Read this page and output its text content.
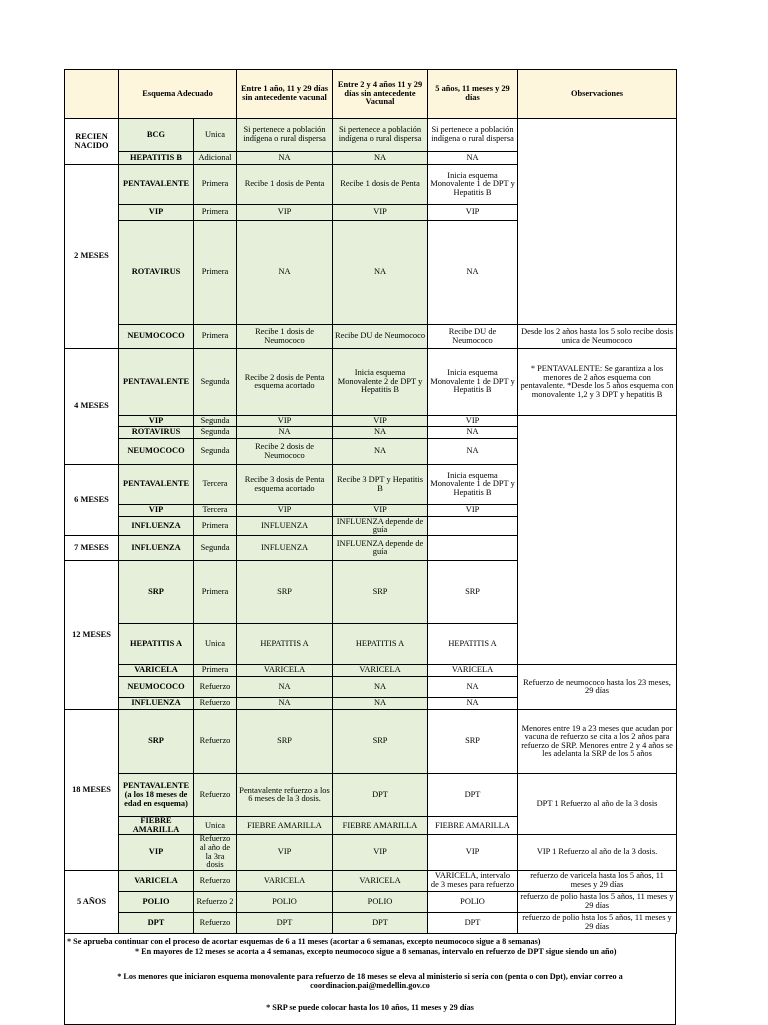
	Esquema Adecuado		Entre 1 año, 11 y 29 días sin antecedente vacunal	Entre 2 y 4 años 11 y 29 días sin antecedente Vacunal	5 años, 11 meses y 29 días	Observaciones	
RECIEN NACIDO	BCG	Unica	Si pertenece a población indígena o rural dispersa	Si pertenece a población indígena o rural dispersa	Si pertenece a población indígena o rural dispersa		
	HEPATITIS B	Adicional	NA	NA	NA		
2 MESES	PENTAVALENTE	Primera	Recibe 1 dosis de Penta	Recibe 1 dosis de Penta	Inicia esquema Monovalente 1 de DPT y Hepatitis B		
	VIP	Primera	VIP	VIP	VIP		
	ROTAVIRUS	Primera	NA	NA	NA	
	NEUMOCOCO	Primera	Recibe 1 dosis de Neumococo	Recibe DU de Neumococo	Recibe DU de Neumococo	Desde los 2 años hasta los 5 solo recibe dosis unica de Neumococo	
4 MESES	PENTAVALENTE	Segunda	Recibe 2 dosis de Penta esquema acortado	Inicia esquema Monovalente 2 de DPT y Hepatitis B	Inicia esquema Monovalente 1 de DPT y Hepatitis B	* PENTAVALENTE: Se garantiza a los menores de 2 años esquema con pentavalente. *Desde los 5 años esquema con monovalente 1,2 y 3 DPT y hepatitis B	
	VIP	Segunda	VIP	VIP	VIP		
	ROTAVIRUS	Segunda	NA	NA	NA		
	NEUMOCOCO	Segunda	Recibe 2 dosis de Neumococo	NA	NA		
6 MESES	PENTAVALENTE	Tercera	Recibe 3 dosis de Penta esquema acortado	Recibe 3 DPT y Hepatitis B	Inicia esquema Monovalente 1 de DPT y Hepatitis B		
	VIP	Tercera	VIP	VIP	VIP		
	INFLUENZA	Primera	INFLUENZA	INFLUENZA depende de guía			
7 MESES	INFLUENZA	Segunda	INFLUENZA	INFLUENZA depende de guía			
12 MESES	SRP	Primera	SRP	SRP	SRP	
	HEPATITIS A	Unica	HEPATITIS A	HEPATITIS A	HEPATITIS A		
	VARICELA	Primera	VARICELA	VARICELA	VARICELA	Refuerzo de neumococo hasta los 23 meses, 29 días	
	NEUMOCOCO	Refuerzo	NA	NA	NA		
	INFLUENZA	Refuerzo	NA	NA	NA		
18 MESES	SRP	Refuerzo	SRP	SRP	SRP	Menores entre 19 a 23 meses que acudan por vacuna de refuerzo se cita a los 2 años para refuerzo de SRP. Menores entre 2 y 4 años se les adelanta la SRP de los 5 años	
	PENTAVALENTE (a los 18 meses de edad en esquema)	Refuerzo	Pentavalente refuerzo a los 6 meses de la 3 dosis.	DPT	DPT	DPT 1 Refuerzo al año de la 3 dosis	
	FIEBRE AMARILLA	Unica	FIEBRE AMARILLA	FIEBRE AMARILLA	FIEBRE AMARILLA		
	VIP	Refuerzo al año de la 3ra dosis	VIP	VIP	VIP	VIP 1 Refuerzo al año de la 3 dosis.	
5 AÑOS	VARICELA	Refuerzo	VARICELA	VARICELA	VARICELA, intervalo de 3 meses para refuerzo	refuerzo de varicela hasta los 5 años, 11 meses y 29 días	
	POLIO	Refuerzo 2	POLIO	POLIO	POLIO	refuerzo de polio hasta los 5 años, 11 meses y 29 días	
	DPT	Refuerzo	DPT	DPT	DPT	refuerzo de polio hsta los 5 años, 11 meses y 29 días	
* Se aprueba continuar con el proceso de acortar esquemas de 6 a 11 meses (acortar a 6 semanas, excepto neumococo sigue a 8 semanas)
* En mayores de 12 meses se acorta a 4 semanas, excepto neumococo sigue a 8 semanas, intervalo en refuerzo de DPT sigue siendo un año)
* Los menores que iniciaron esquema monovalente para refuerzo de 18 meses se eleva al ministerio si sería con (penta o con Dpt), enviar correo a coordinacion.pai@medellin.gov.co
* SRP se puede colocar hasta los 10 años, 11 meses y 29 días
